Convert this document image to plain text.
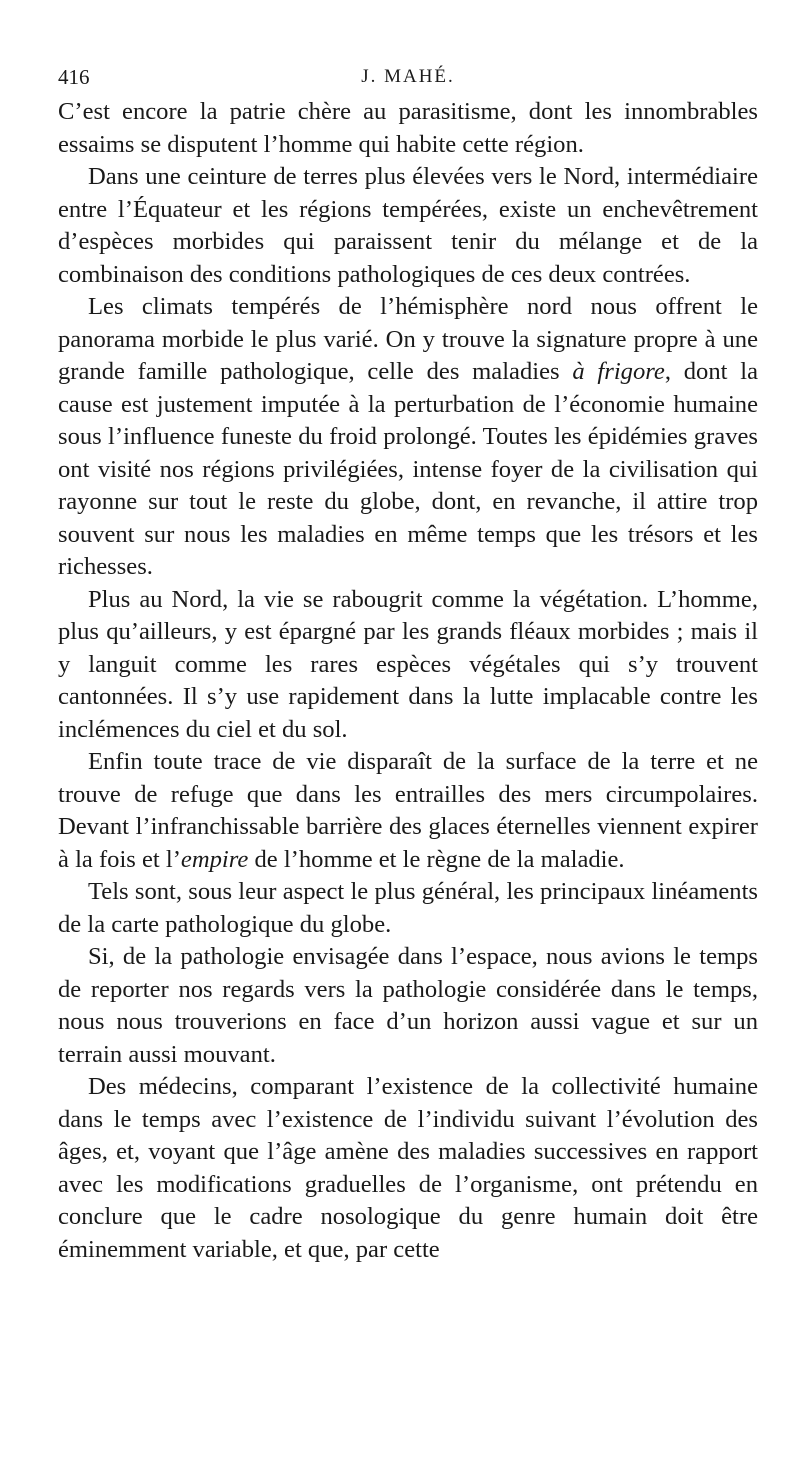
416	J. MAHÉ.

C’est encore la patrie chère au parasitisme, dont les innombrables essaims se disputent l’homme qui habite cette région.

Dans une ceinture de terres plus élevées vers le Nord, intermédiaire entre l’Équateur et les régions tempérées, existe un enchevêtrement d’espèces morbides qui paraissent tenir du mélange et de la combinaison des conditions pathologiques de ces deux contrées.

Les climats tempérés de l’hémisphère nord nous offrent le panorama morbide le plus varié. On y trouve la signature propre à une grande famille pathologique, celle des maladies à frigore, dont la cause est justement imputée à la perturbation de l’économie humaine sous l’influence funeste du froid prolongé. Toutes les épidémies graves ont visité nos régions privilégiées, intense foyer de la civilisation qui rayonne sur tout le reste du globe, dont, en revanche, il attire trop souvent sur nous les maladies en même temps que les trésors et les richesses.

Plus au Nord, la vie se rabougrit comme la végétation. L’homme, plus qu’ailleurs, y est épargné par les grands fléaux morbides ; mais il y languit comme les rares espèces végétales qui s’y trouvent cantonnées. Il s’y use rapidement dans la lutte implacable contre les inclémences du ciel et du sol.

Enfin toute trace de vie disparaît de la surface de la terre et ne trouve de refuge que dans les entrailles des mers circumpolaires. Devant l’infranchissable barrière des glaces éternelles viennent expirer à la fois et l’empire de l’homme et le règne de la maladie.

Tels sont, sous leur aspect le plus général, les principaux linéaments de la carte pathologique du globe.

Si, de la pathologie envisagée dans l’espace, nous avions le temps de reporter nos regards vers la pathologie considérée dans le temps, nous nous trouverions en face d’un horizon aussi vague et sur un terrain aussi mouvant.

Des médecins, comparant l’existence de la collectivité humaine dans le temps avec l’existence de l’individu suivant l’évolution des âges, et, voyant que l’âge amène des maladies successives en rapport avec les modifications graduelles de l’organisme, ont prétendu en conclure que le cadre nosologique du genre humain doit être éminemment variable, et que, par cette
